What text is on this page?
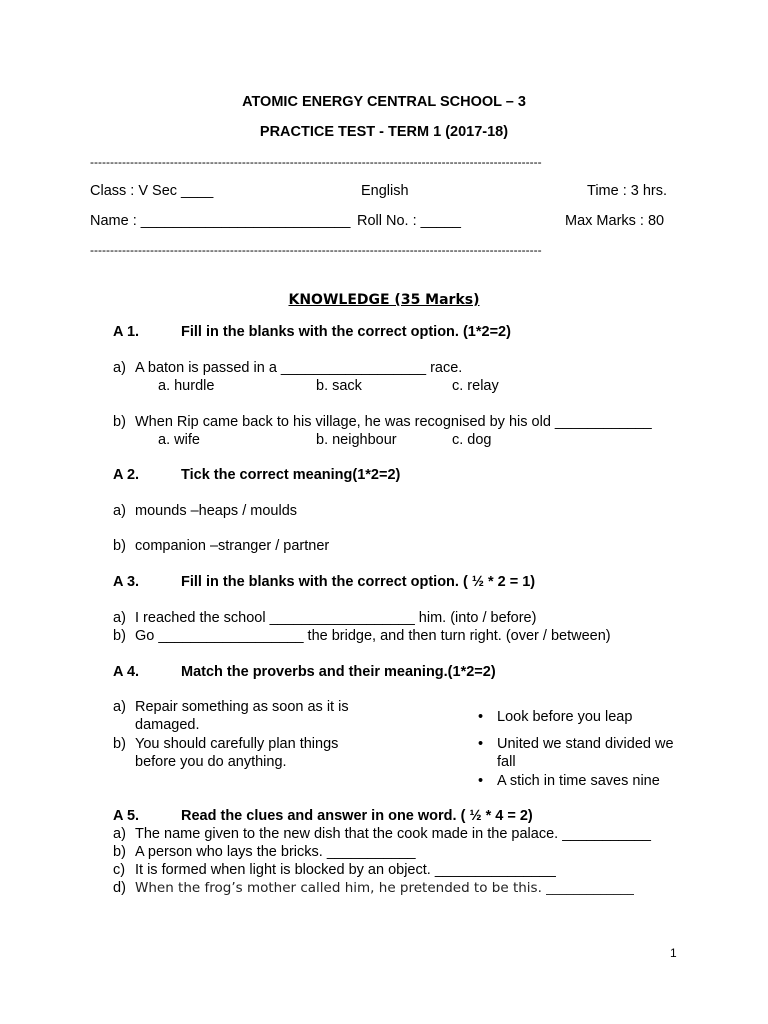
ATOMIC ENERGY CENTRAL SCHOOL – 3
PRACTICE TEST - TERM 1 (2017-18)
-----------------------------------------------------------------------------------------------------------------
Class : V Sec ____	English	Time : 3 hrs.
Name : __________________________ Roll No. : _____	Max Marks : 80
-----------------------------------------------------------------------------------------------------------------
KNOWLEDGE (35 Marks)
A 1.	Fill in the blanks with the correct option. (1*2=2)
a) A baton is passed in a __________________ race.
a. hurdle	b. sack	c. relay
b) When Rip came back to his village, he was recognised by his old ____________
a. wife	b. neighbour	c. dog
A 2.	Tick the correct meaning(1*2=2)
a) mounds –heaps / moulds
b) companion –stranger / partner
A 3.	Fill in the blanks with the correct option. ( ½ * 2 = 1)
a) I reached the school __________________ him. (into / before)
b) Go __________________ the bridge, and then turn right. (over / between)
A 4.	Match the proverbs and their meaning.(1*2=2)
a) Repair something as soon as it is
damaged.
b) You should carefully plan things
before you do anything.
• Look before you leap
• United we stand divided we
fall
• A stich in time saves nine
A 5.	Read the clues and answer in one word. ( ½ * 4 = 2)
a) The name given to the new dish that the cook made in the palace. ___________
b) A person who lays the bricks. ___________
c) It is formed when light is blocked by an object. _______________
d) When the frog’s mother called him, he pretended to be this. _____________
1
